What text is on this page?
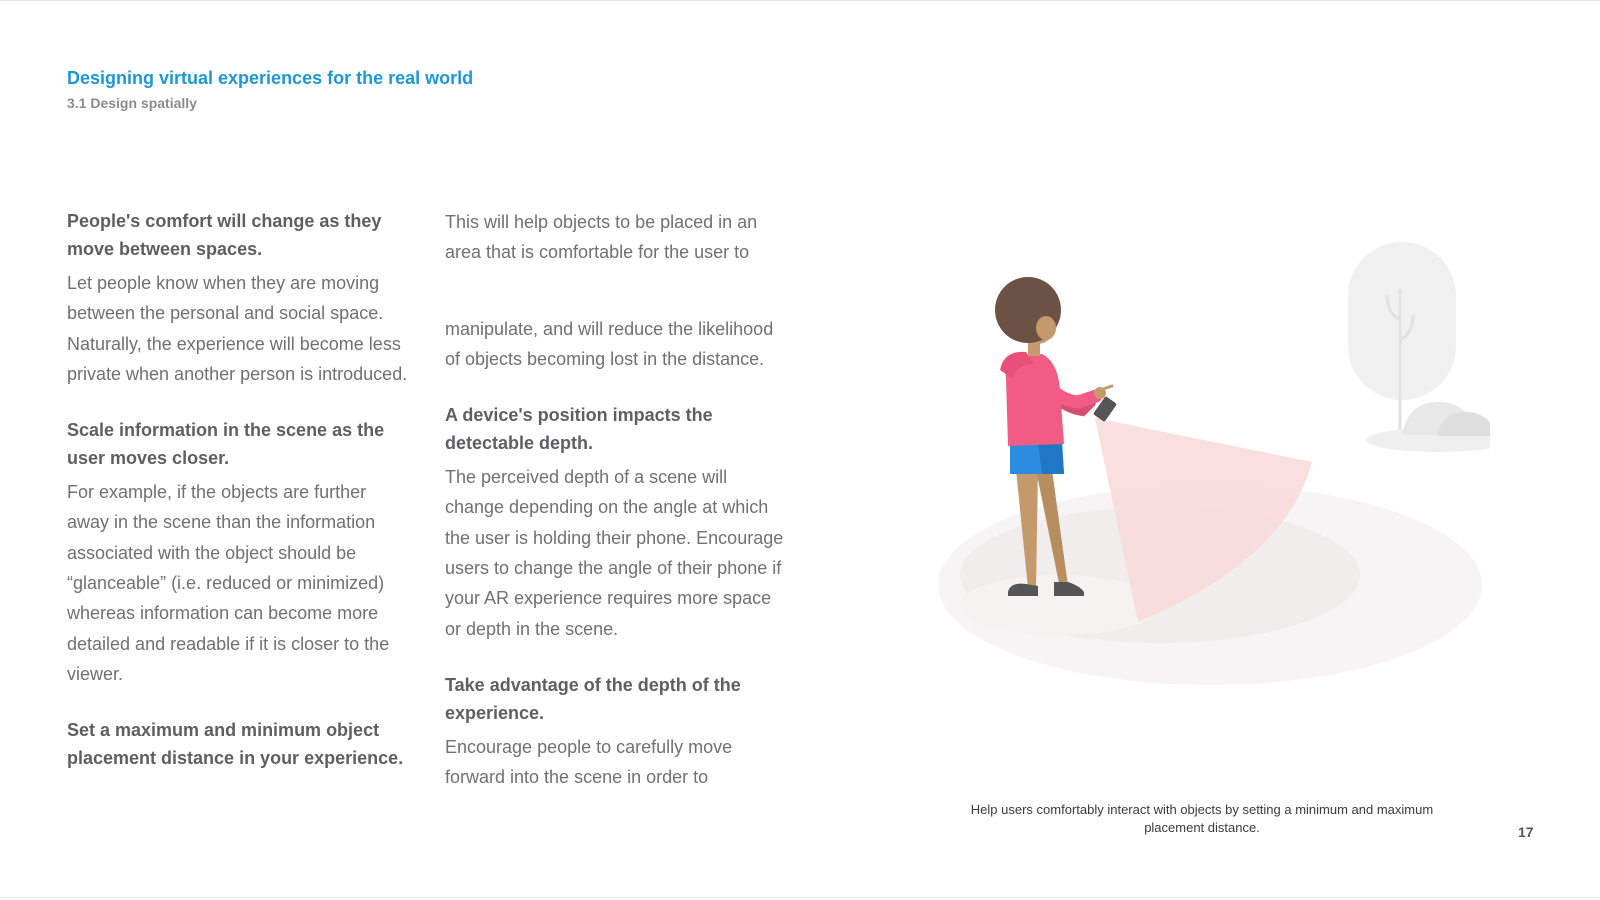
Designing virtual experiences for the real world
3.1 Design spatially

People's comfort will change as they move between spaces.

Let people know when they are moving between the personal and social space. Naturally, the experience will become less private when another person is introduced.

Scale information in the scene as the user moves closer.

For example, if the objects are further away in the scene than the information associated with the object should be “glanceable” (i.e. reduced or minimized) whereas information can become more detailed and readable if it is closer to the viewer.

Set a maximum and minimum object placement distance in your experience.

This will help objects to be placed in an area that is comfortable for the user to

manipulate, and will reduce the likelihood of objects becoming lost in the distance.

A device's position impacts the detectable depth.

The perceived depth of a scene will change depending on the angle at which the user is holding their phone. Encourage users to change the angle of their phone if your AR experience requires more space or depth in the scene.

Take advantage of the depth of the experience.

Encourage people to carefully move forward into the scene in order to

Help users comfortably interact with objects by setting a minimum and maximum placement distance.	17
